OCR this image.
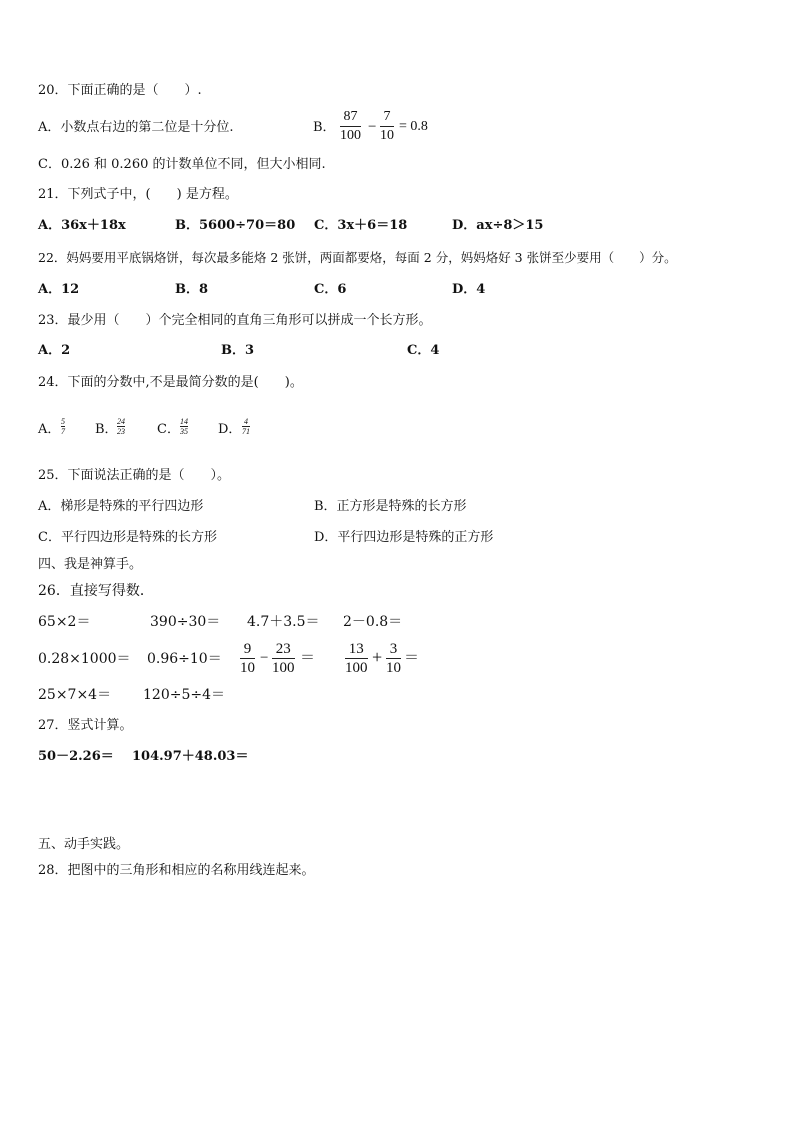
20．下面正确的是（　　）.
A．小数点右边的第二位是十分位.	B．
87
100
−
7
10
= 0.8
C．0.26 和 0.260 的计数单位不同，但大小相同.
21．下列式子中，(　　) 是方程。
A．36x＋18x	B．5600÷70＝80 C．3x＋6＝18	D．ax÷8＞15
22．妈妈要用平底锅烙饼，每次最多能烙 2 张饼，两面都要烙，每面 2 分，妈妈烙好 3 张饼至少要用（　　）分。
A．12	B．8	C．6	D．4
23．最少用（　　）个完全相同的直角三角形可以拼成一个长方形。
A．2	B．3	C．4
24．下面的分数中,不是最简分数的是(　　)。
A．
5
7 B．
24
23 C．
14
35 D．
4
71
25．下面说法正确的是（　　）。
A．梯形是特殊的平行四边形	B．正方形是特殊的长方形
C．平行四边形是特殊的长方形	D．平行四边形是特殊的正方形
四、我是神算手。
26．直接写得数．
65×2＝	390÷30＝ 4.7＋3.5＝ 2－0.8＝
0.28×1000＝ 0.96÷10＝
9
10
−
23
100
＝
13
100
+ 3
10
＝
25×7×4＝ 120÷5÷4＝
27．竖式计算。
50－2.26＝ 104.97＋48.03＝
五、动手实践。
28．把图中的三角形和相应的名称用线连起来。
